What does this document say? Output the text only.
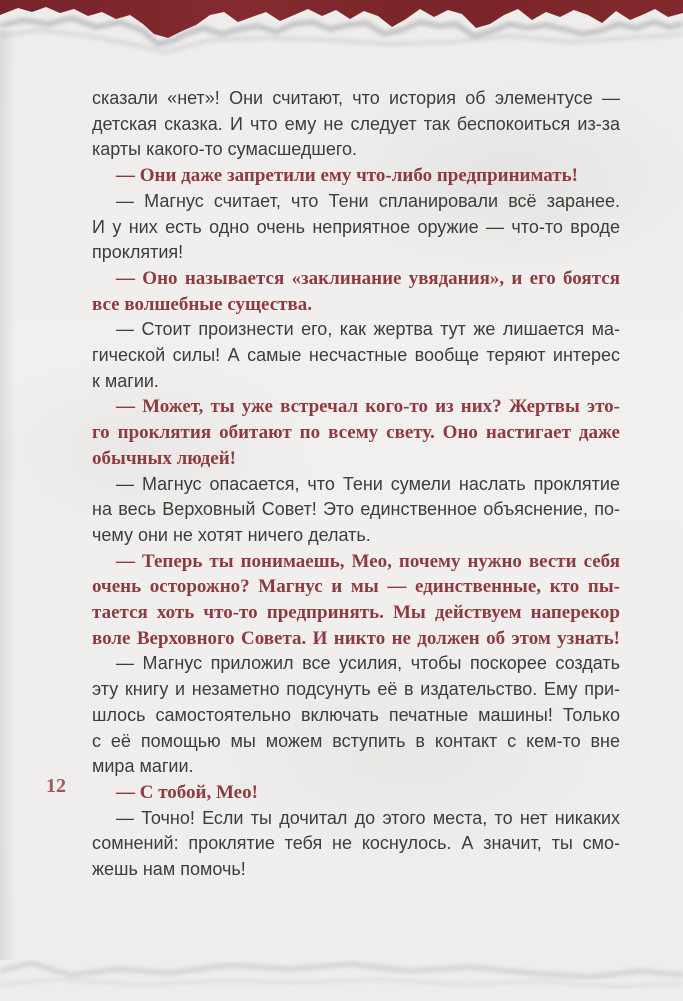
12
сказали «нет»! Они считают, что история об элементусе —
детская сказка. И что ему не следует так беспокоиться из-за
карты какого-то сумасшедшего.
— Они даже запретили ему что-либо предпринимать!
— Магнус считает, что Тени спланировали всё заранее.
И у них есть одно очень неприятное оружие — что-то вроде
проклятия!
— Оно называется «заклинание увядания», и его боятся
все волшебные существа.
— Стоит произнести его, как жертва тут же лишается ма-
гической силы! А самые несчастные вообще теряют интерес
к магии.
— Может, ты уже встречал кого-то из них? Жертвы это-
го проклятия обитают по всему свету. Оно настигает даже
обычных людей!
— Магнус опасается, что Тени сумели наслать проклятие
на весь Верховный Совет! Это единственное объяснение, по-
чему они не хотят ничего делать.
— Теперь ты понимаешь, Мео, почему нужно вести себя
очень осторожно? Магнус и мы — единственные, кто пы-
тается хоть что-то предпринять. Мы действуем наперекор
воле Верховного Совета. И никто не должен об этом узнать!
— Магнус приложил все усилия, чтобы поскорее создать
эту книгу и незаметно подсунуть её в издательство. Ему при-
шлось самостоятельно включать печатные машины! Только
с её помощью мы можем вступить в контакт с кем-то вне
мира магии.
— С тобой, Мео!
— Точно! Если ты дочитал до этого места, то нет никаких
сомнений: проклятие тебя не коснулось. А значит, ты смо-
жешь нам помочь!
